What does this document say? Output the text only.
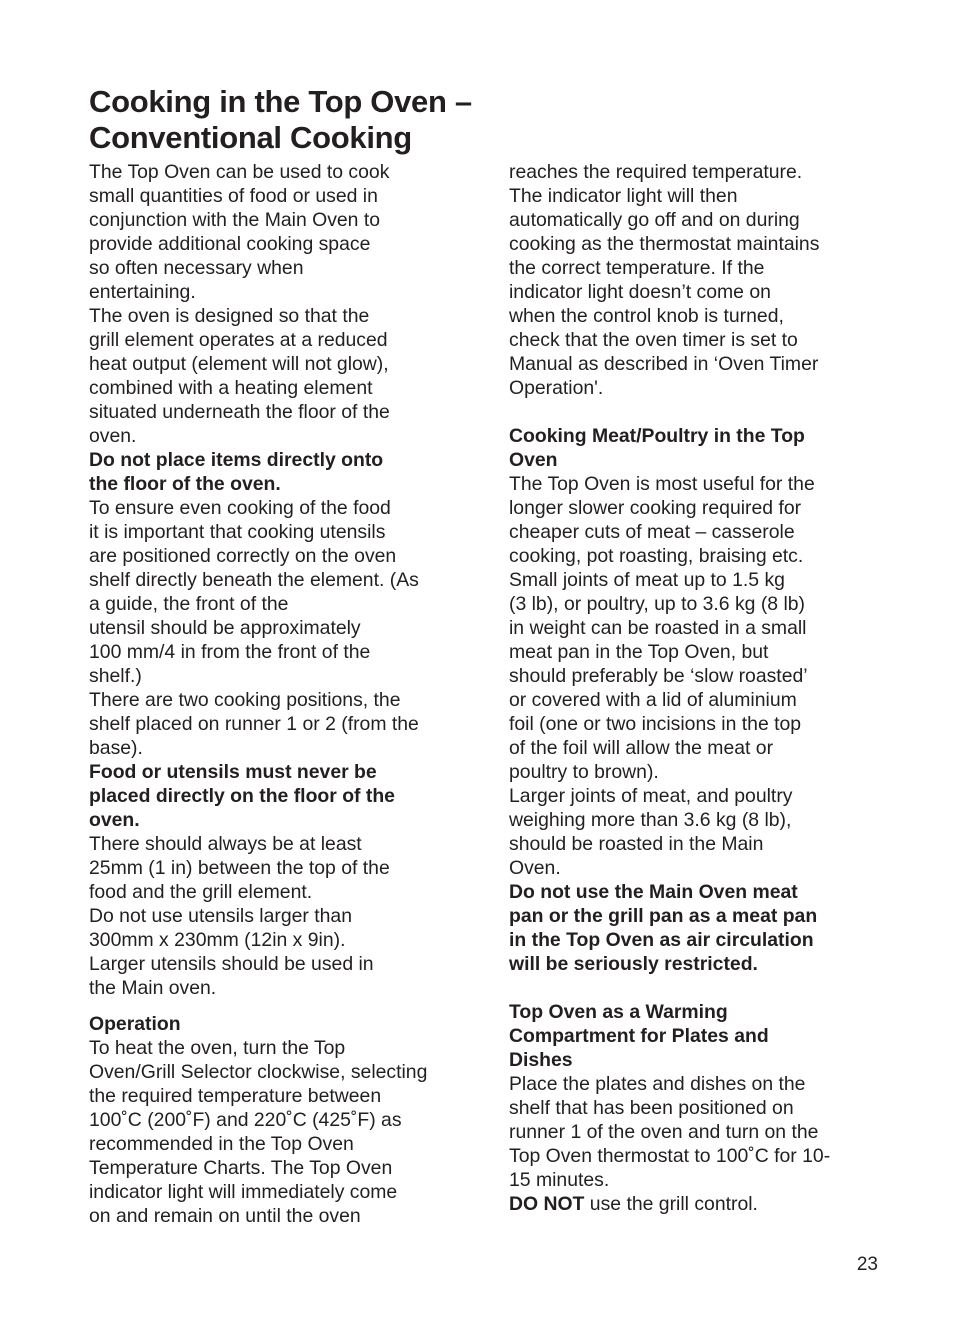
Cooking in the Top Oven –
Conventional Cooking

The Top Oven can be used to cook
small quantities of food or used in
conjunction with the Main Oven to
provide additional cooking space
so often necessary when
entertaining.

The oven is designed so that the
grill element operates at a reduced
heat output (element will not glow),
combined with a heating element
situated underneath the floor of the
oven.

Do not place items directly onto
the floor of the oven.

To ensure even cooking of the food
it is important that cooking utensils
are positioned correctly on the oven
shelf directly beneath the element. (As
a guide, the front of the
utensil should be approximately
100 mm/4 in from the front of the
shelf.)

There are two cooking positions, the
shelf placed on runner 1 or 2 (from the
base).

Food or utensils must never be
placed directly on the floor of the
oven.

There should always be at least
25mm (1 in) between the top of the
food and the grill element.

Do not use utensils larger than
300mm x 230mm (12in x 9in).
Larger utensils should be used in
the Main oven.

Operation

To heat the oven, turn the Top
Oven/Grill Selector clockwise, selecting
the required temperature between
100˚C (200˚F) and 220˚C (425˚F) as
recommended in the Top Oven
Temperature Charts. The Top Oven
indicator light will immediately come
on and remain on until the oven

reaches the required temperature.
The indicator light will then
automatically go off and on during
cooking as the thermostat maintains
the correct temperature. If the
indicator light doesn’t come on
when the control knob is turned,
check that the oven timer is set to
Manual as described in ‘Oven Timer
Operation'.

Cooking Meat/Poultry in the Top
Oven

The Top Oven is most useful for the
longer slower cooking required for
cheaper cuts of meat – casserole
cooking, pot roasting, braising etc.
Small joints of meat up to 1.5 kg
(3 lb), or poultry, up to 3.6 kg (8 lb)
in weight can be roasted in a small
meat pan in the Top Oven, but
should preferably be ‘slow roasted’
or covered with a lid of aluminium
foil (one or two incisions in the top
of the foil will allow the meat or
poultry to brown).

Larger joints of meat, and poultry
weighing more than 3.6 kg (8 lb),
should be roasted in the Main
Oven.

Do not use the Main Oven meat
pan or the grill pan as a meat pan
in the Top Oven as air circulation
will be seriously restricted.

Top Oven as a Warming
Compartment for Plates and
Dishes

Place the plates and dishes on the
shelf that has been positioned on
runner 1 of the oven and turn on the
Top Oven thermostat to 100˚C for 10-
15 minutes.

DO NOT use the grill control.

23
